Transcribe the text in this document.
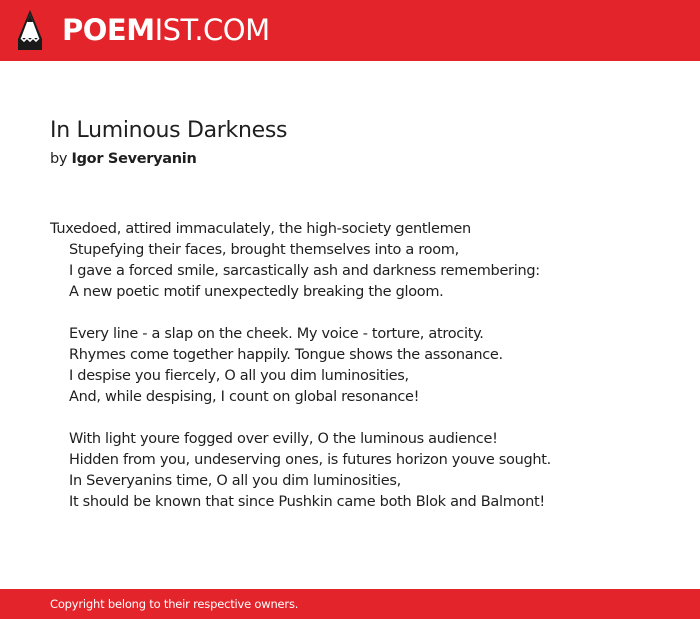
POEMIST.COM
In Luminous Darkness
by Igor Severyanin
Tuxedoed, attired immaculately, the high-society gentlemen
Stupefying their faces, brought themselves into a room,
I gave a forced smile, sarcastically ash and darkness remembering:
A new poetic motif unexpectedly breaking the gloom.
Every line - a slap on the cheek. My voice - torture, atrocity.
Rhymes come together happily. Tongue shows the assonance.
I despise you fiercely, O all you dim luminosities,
And, while despising, I count on global resonance!
With light youre fogged over evilly, O the luminous audience!
Hidden from you, undeserving ones, is futures horizon youve sought.
In Severyanins time, O all you dim luminosities,
It should be known that since Pushkin came both Blok and Balmont!
Copyright belong to their respective owners.
